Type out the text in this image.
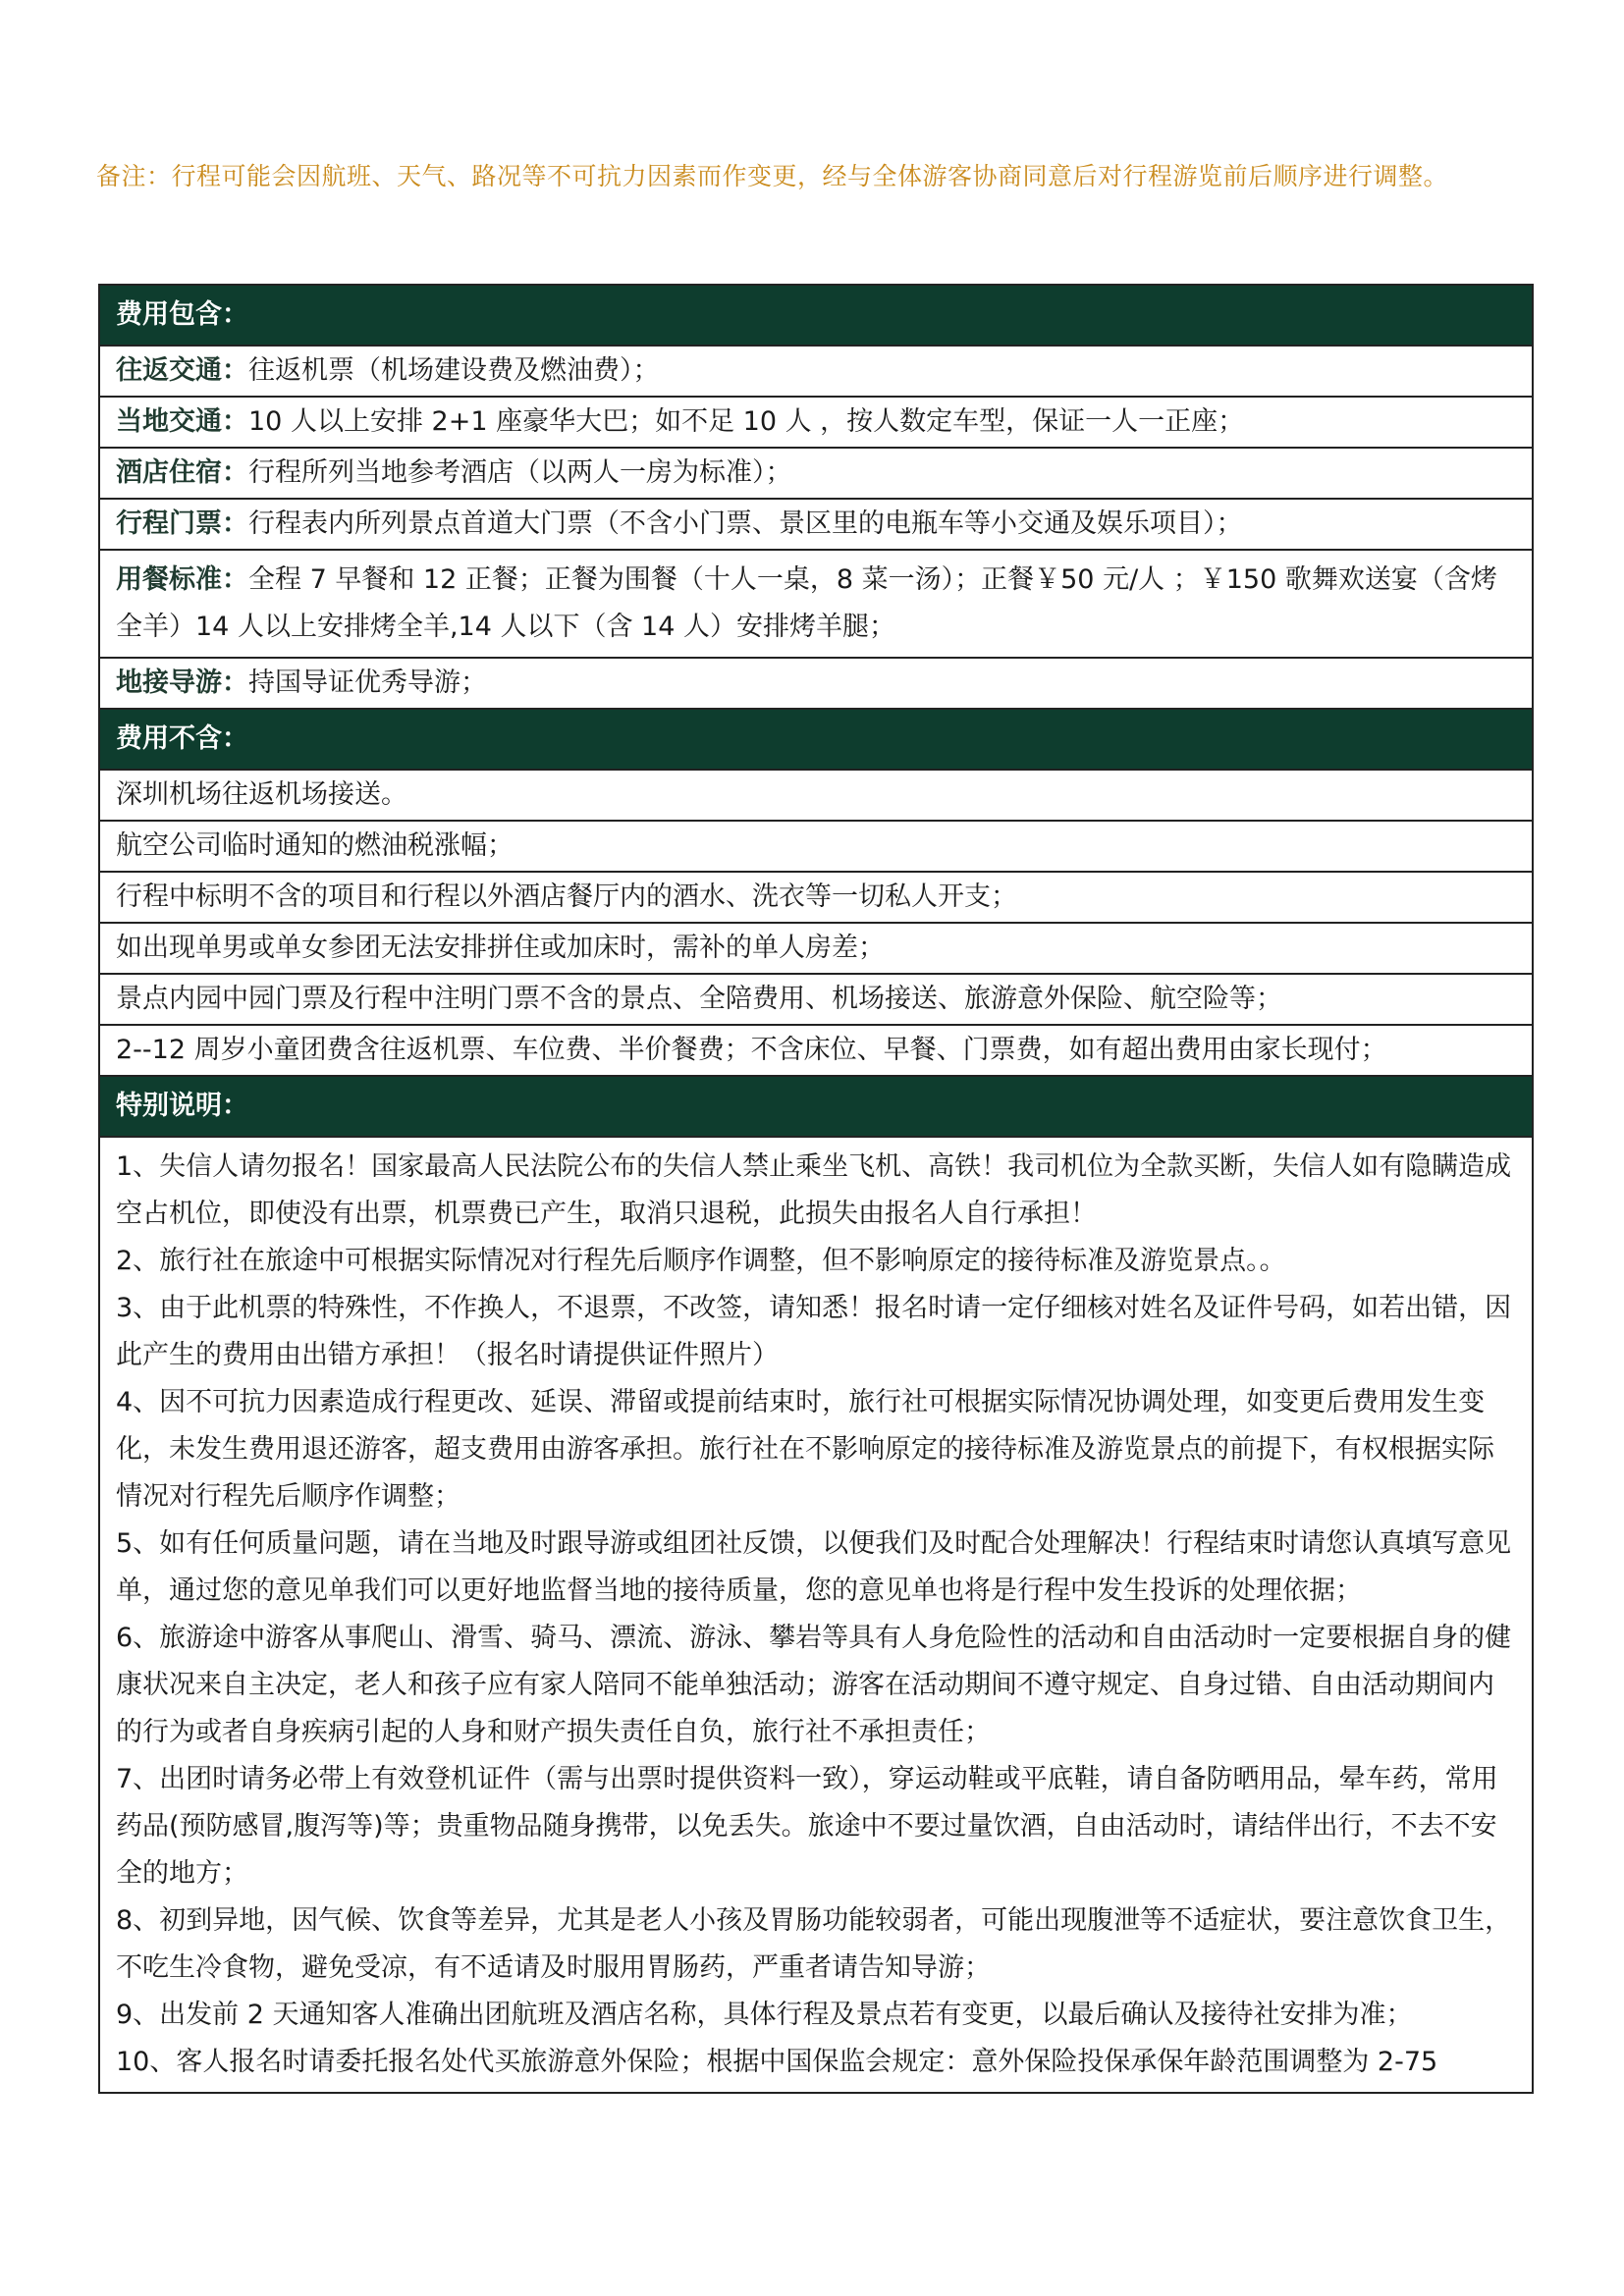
备注：行程可能会因航班、天气、路况等不可抗力因素而作变更，经与全体游客协商同意后对行程游览前后顺序进行调整。
费用包含：
往返交通：往返机票（机场建设费及燃油费）；
当地交通：10 人以上安排 2+1 座豪华大巴；如不足 10 人 ，按人数定车型，保证一人一正座；
酒店住宿：行程所列当地参考酒店（以两人一房为标准）；
行程门票：行程表内所列景点首道大门票（不含小门票、景区里的电瓶车等小交通及娱乐项目）；
用餐标准：全程 7 早餐和 12 正餐；正餐为围餐（十人一桌，8 菜一汤）；正餐￥50 元/人 ；￥150 歌舞欢送宴（含烤全羊）14 人以上安排烤全羊,14 人以下（含 14 人）安排烤羊腿；
地接导游：持国导证优秀导游；
费用不含：
深圳机场往返机场接送。
航空公司临时通知的燃油税涨幅；
行程中标明不含的项目和行程以外酒店餐厅内的酒水、洗衣等一切私人开支；
如出现单男或单女参团无法安排拼住或加床时，需补的单人房差；
景点内园中园门票及行程中注明门票不含的景点、全陪费用、机场接送、旅游意外保险、航空险等；
2--12 周岁小童团费含往返机票、车位费、半价餐费；不含床位、早餐、门票费，如有超出费用由家长现付；
特别说明：

1、失信人请勿报名！国家最高人民法院公布的失信人禁止乘坐飞机、高铁！我司机位为全款买断，失信人如有隐瞒造成空占机位，即使没有出票，机票费已产生，取消只退税，此损失由报名人自行承担！
2、旅行社在旅途中可根据实际情况对行程先后顺序作调整，但不影响原定的接待标准及游览景点。。
3、由于此机票的特殊性，不作换人，不退票，不改签，请知悉！报名时请一定仔细核对姓名及证件号码，如若出错，因此产生的费用由出错方承担！（报名时请提供证件照片）
4、因不可抗力因素造成行程更改、延误、滞留或提前结束时，旅行社可根据实际情况协调处理，如变更后费用发生变化，未发生费用退还游客，超支费用由游客承担。旅行社在不影响原定的接待标准及游览景点的前提下，有权根据实际情况对行程先后顺序作调整；
5、如有任何质量问题，请在当地及时跟导游或组团社反馈，以便我们及时配合处理解决！行程结束时请您认真填写意见单，通过您的意见单我们可以更好地监督当地的接待质量，您的意见单也将是行程中发生投诉的处理依据；
6、旅游途中游客从事爬山、滑雪、骑马、漂流、游泳、攀岩等具有人身危险性的活动和自由活动时一定要根据自身的健康状况来自主决定，老人和孩子应有家人陪同不能单独活动；游客在活动期间不遵守规定、自身过错、自由活动期间内的行为或者自身疾病引起的人身和财产损失责任自负，旅行社不承担责任；
7、出团时请务必带上有效登机证件（需与出票时提供资料一致），穿运动鞋或平底鞋，请自备防晒用品，晕车药，常用药品(预防感冒,腹泻等)等；贵重物品随身携带，以免丢失。旅途中不要过量饮酒，自由活动时，请结伴出行，不去不安全的地方；
8、初到异地，因气候、饮食等差异，尤其是老人小孩及胃肠功能较弱者，可能出现腹泄等不适症状，要注意饮食卫生，不吃生冷食物，避免受凉，有不适请及时服用胃肠药，严重者请告知导游；
9、出发前 2 天通知客人准确出团航班及酒店名称，具体行程及景点若有变更，以最后确认及接待社安排为准；
10、客人报名时请委托报名处代买旅游意外保险；根据中国保监会规定：意外保险投保承保年龄范围调整为 2-75
